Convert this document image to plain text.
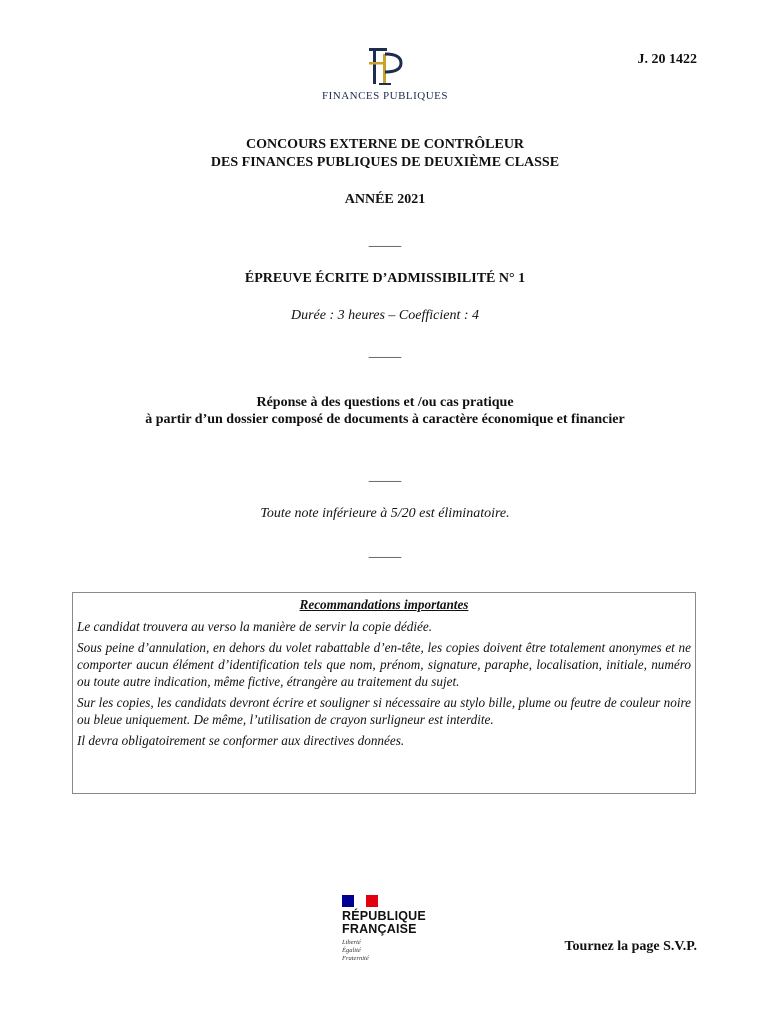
J. 20 1422
FINANCES PUBLIQUES
CONCOURS EXTERNE DE CONTRÔLEUR
DES FINANCES PUBLIQUES DE DEUXIÈME CLASSE
ANNÉE 2021
_____
ÉPREUVE ÉCRITE D’ADMISSIBILITÉ N° 1
Durée : 3 heures – Coefficient : 4
_____
Réponse à des questions et /ou cas pratique
à partir d’un dossier composé de documents à caractère économique et financier
_____
Toute note inférieure à 5/20 est éliminatoire.
_____
Recommandations importantes

Le candidat trouvera au verso la manière de servir la copie dédiée.

Sous peine d’annulation, en dehors du volet rabattable d’en-tête, les copies doivent être totalement anonymes et ne comporter aucun élément d’identification tels que nom, prénom, signature, paraphe, localisation, initiale, numéro ou toute autre indication, même fictive, étrangère au traitement du sujet.

Sur les copies, les candidats devront écrire et souligner si nécessaire au stylo bille, plume ou feutre de couleur noire ou bleue uniquement. De même, l’utilisation de crayon surligneur est interdite.

Il devra obligatoirement se conformer aux directives données.

RÉPUBLIQUE
FRANÇAISE
Liberté
Égalité
Fraternité
Tournez la page S.V.P.
